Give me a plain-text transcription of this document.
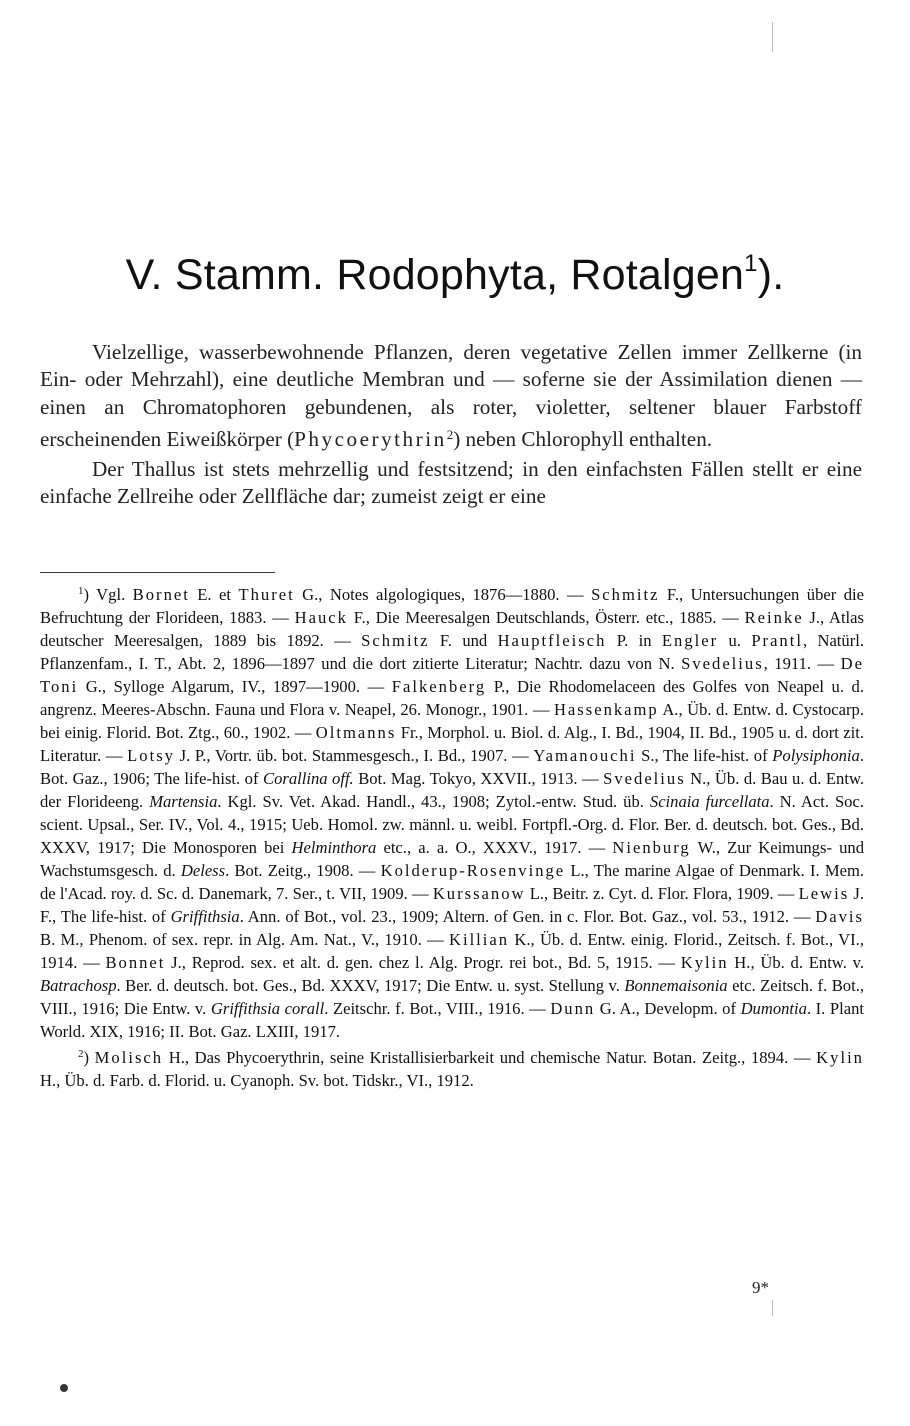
V. Stamm. Rodophyta, Rotalgen$^1$).

Vielzellige, wasserbewohnende Pflanzen, deren vegetative Zellen immer Zellkerne (in Ein- oder Mehrzahl), eine deutliche Membran und — soferne sie der Assimilation dienen — einen an Chromatophoren gebundenen, als roter, violetter, seltener blauer Farbstoff erscheinenden Eiweißkörper (Phycoerythrin$^2$) neben Chlorophyll enthalten.

Der Thallus ist stets mehrzellig und festsitzend; in den einfachsten Fällen stellt er eine einfache Zellreihe oder Zellfläche dar; zumeist zeigt er eine

$^1$) Vgl. Bornet E. et Thuret G., Notes algologiques, 1876—1880. — Schmitz F., Untersuchungen über die Befruchtung der Florideen, 1883. — Hauck F., Die Meeresalgen Deutschlands, Österr. etc., 1885. — Reinke J., Atlas deutscher Meeresalgen, 1889 bis 1892. — Schmitz F. und Hauptfleisch P. in Engler u. Prantl, Natürl. Pflanzenfam., I. T., Abt. 2, 1896—1897 und die dort zitierte Literatur; Nachtr. dazu von N. Svedelius, 1911. — De Toni G., Sylloge Algarum, IV., 1897—1900. — Falkenberg P., Die Rhodomelaceen des Golfes von Neapel u. d. angrenz. Meeres-Abschn. Fauna und Flora v. Neapel, 26. Monogr., 1901. — Hassenkamp A., Üb. d. Entw. d. Cystocarp. bei einig. Florid. Bot. Ztg., 60., 1902. — Oltmanns Fr., Morphol. u. Biol. d. Alg., I. Bd., 1904, II. Bd., 1905 u. d. dort zit. Literatur. — Lotsy J. P., Vortr. üb. bot. Stammesgesch., I. Bd., 1907. — Yamanouchi S., The life-hist. of Polysiphonia. Bot. Gaz., 1906; The life-hist. of Corallina off. Bot. Mag. Tokyo, XXVII., 1913. — Svedelius N., Üb. d. Bau u. d. Entw. der Florideeng. Martensia. Kgl. Sv. Vet. Akad. Handl., 43., 1908; Zytol.-entw. Stud. üb. Scinaia furcellata. N. Act. Soc. scient. Upsal., Ser. IV., Vol. 4., 1915; Ueb. Homol. zw. männl. u. weibl. Fortpfl.-Org. d. Flor. Ber. d. deutsch. bot. Ges., Bd. XXXV, 1917; Die Monosporen bei Helminthora etc., a. a. O., XXXV., 1917. — Nienburg W., Zur Keimungs- und Wachstumsgesch. d. Deless. Bot. Zeitg., 1908. — Kolderup-Rosenvinge L., The marine Algae of Denmark. I. Mem. de l'Acad. roy. d. Sc. d. Danemark, 7. Ser., t. VII, 1909. — Kurssanow L., Beitr. z. Cyt. d. Flor. Flora, 1909. — Lewis J. F., The life-hist. of Griffithsia. Ann. of Bot., vol. 23., 1909; Altern. of Gen. in c. Flor. Bot. Gaz., vol. 53., 1912. — Davis B. M., Phenom. of sex. repr. in Alg. Am. Nat., V., 1910. — Killian K., Üb. d. Entw. einig. Florid., Zeitsch. f. Bot., VI., 1914. — Bonnet J., Reprod. sex. et alt. d. gen. chez l. Alg. Progr. rei bot., Bd. 5, 1915. — Kylin H., Üb. d. Entw. v. Batrachosp. Ber. d. deutsch. bot. Ges., Bd. XXXV, 1917; Die Entw. u. syst. Stellung v. Bonnemaisonia etc. Zeitsch. f. Bot., VIII., 1916; Die Entw. v. Griffithsia corall. Zeitschr. f. Bot., VIII., 1916. — Dunn G. A., Developm. of Dumontia. I. Plant World. XIX, 1916; II. Bot. Gaz. LXIII, 1917.

$^2$) Molisch H., Das Phycoerythrin, seine Kristallisierbarkeit und chemische Natur. Botan. Zeitg., 1894. — Kylin H., Üb. d. Farb. d. Florid. u. Cyanoph. Sv. bot. Tidskr., VI., 1912.

9*
